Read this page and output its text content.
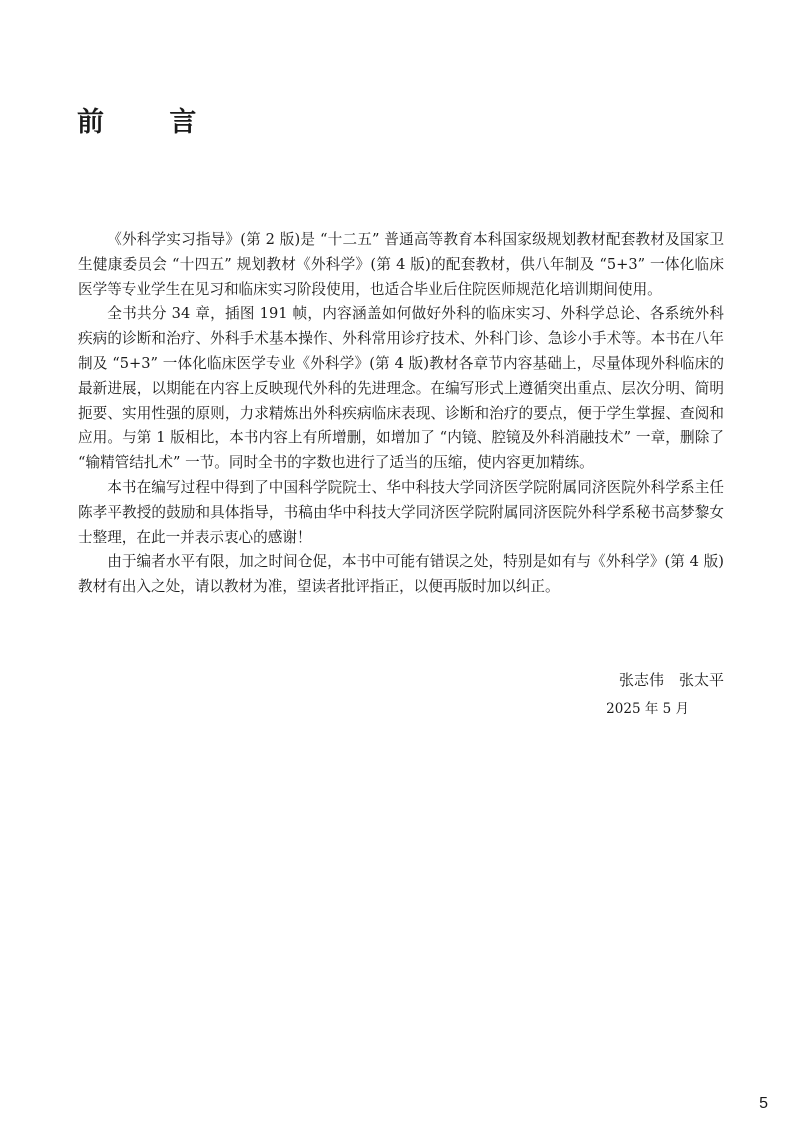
前 言

《外科学实习指导》(第 2 版)是 “十二五” 普通高等教育本科国家级规划教材配套教材及国家卫生健康委员会 “十四五” 规划教材《外科学》(第 4 版)的配套教材，供八年制及 “5+3” 一体化临床医学等专业学生在见习和临床实习阶段使用，也适合毕业后住院医师规范化培训期间使用。

全书共分 34 章，插图 191 帧，内容涵盖如何做好外科的临床实习、外科学总论、各系统外科疾病的诊断和治疗、外科手术基本操作、外科常用诊疗技术、外科门诊、急诊小手术等。本书在八年制及 “5+3” 一体化临床医学专业《外科学》(第 4 版)教材各章节内容基础上，尽量体现外科临床的最新进展，以期能在内容上反映现代外科的先进理念。在编写形式上遵循突出重点、层次分明、简明扼要、实用性强的原则，力求精炼出外科疾病临床表现、诊断和治疗的要点，便于学生掌握、查阅和应用。与第 1 版相比，本书内容上有所增删，如增加了 “内镜、腔镜及外科消融技术” 一章，删除了 “输精管结扎术” 一节。同时全书的字数也进行了适当的压缩，使内容更加精练。

本书在编写过程中得到了中国科学院院士、华中科技大学同济医学院附属同济医院外科学系主任陈孝平教授的鼓励和具体指导，书稿由华中科技大学同济医学院附属同济医院外科学系秘书高梦黎女士整理，在此一并表示衷心的感谢！

由于编者水平有限，加之时间仓促，本书中可能有错误之处，特别是如有与《外科学》(第 4 版)教材有出入之处，请以教材为准，望读者批评指正，以便再版时加以纠正。

张志伟　张太平

2025 年 5 月

5
